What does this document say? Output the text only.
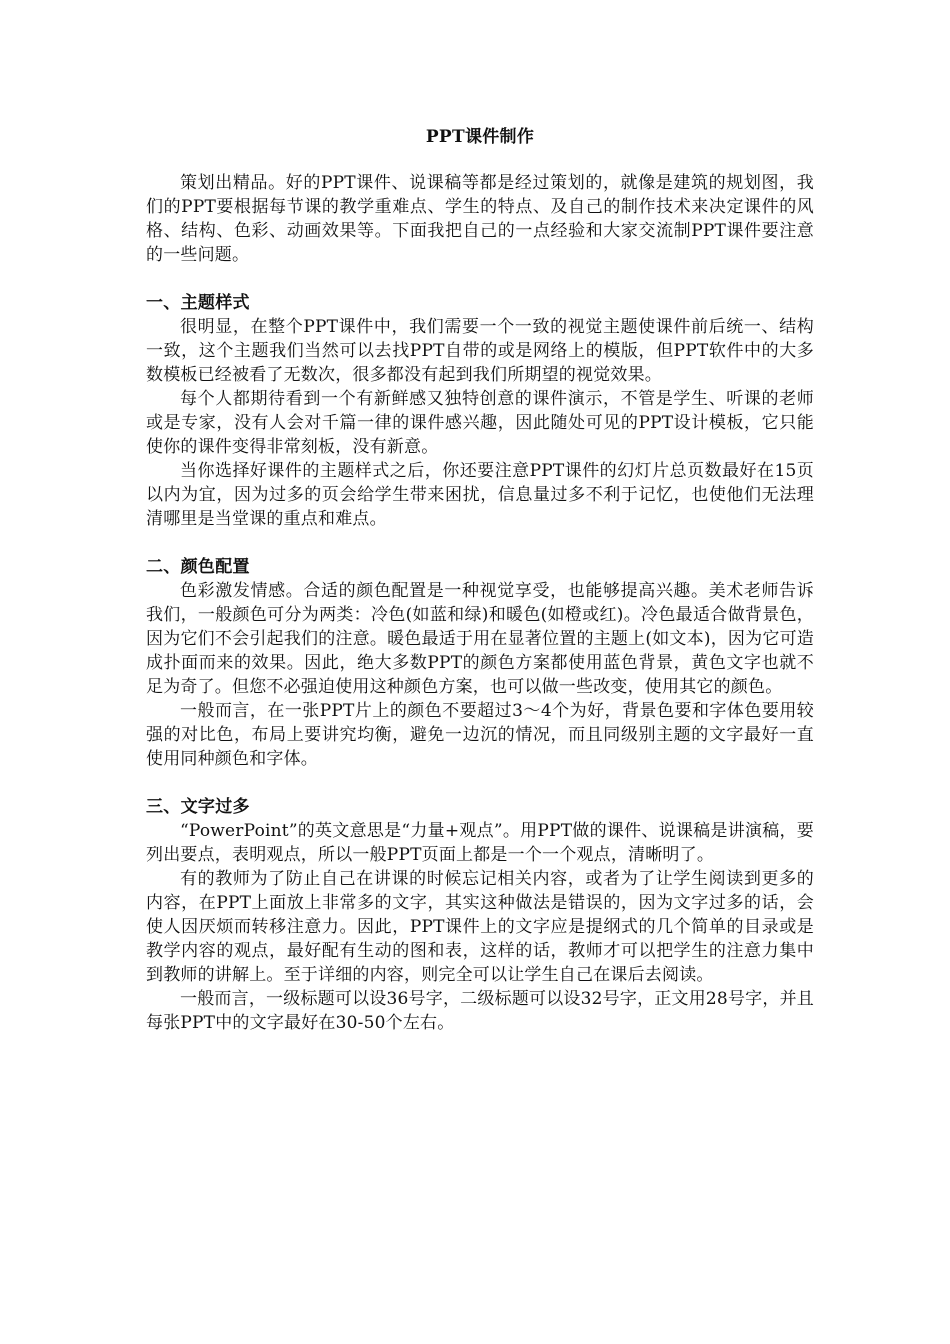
PPT课件制作

策划出精品。好的PPT课件、说课稿等都是经过策划的，就像是建筑的规划图，我们的PPT要根据每节课的教学重难点、学生的特点、及自己的制作技术来决定课件的风格、结构、色彩、动画效果等。下面我把自己的一点经验和大家交流制PPT课件要注意的一些问题。

一、主题样式

很明显，在整个PPT课件中，我们需要一个一致的视觉主题使课件前后统一、结构一致，这个主题我们当然可以去找PPT自带的或是网络上的模版，但PPT软件中的大多数模板已经被看了无数次，很多都没有起到我们所期望的视觉效果。

每个人都期待看到一个有新鲜感又独特创意的课件演示，不管是学生、听课的老师或是专家，没有人会对千篇一律的课件感兴趣，因此随处可见的PPT设计模板，它只能使你的课件变得非常刻板，没有新意。

当你选择好课件的主题样式之后，你还要注意PPT课件的幻灯片总页数最好在15页以内为宜，因为过多的页会给学生带来困扰，信息量过多不利于记忆，也使他们无法理清哪里是当堂课的重点和难点。

二、颜色配置

色彩激发情感。合适的颜色配置是一种视觉享受，也能够提高兴趣。美术老师告诉我们，一般颜色可分为两类：冷色(如蓝和绿)和暖色(如橙或红)。冷色最适合做背景色，因为它们不会引起我们的注意。暖色最适于用在显著位置的主题上(如文本)，因为它可造成扑面而来的效果。因此，绝大多数PPT的颜色方案都使用蓝色背景，黄色文字也就不足为奇了。但您不必强迫使用这种颜色方案，也可以做一些改变，使用其它的颜色。

一般而言，在一张PPT片上的颜色不要超过3～4个为好，背景色要和字体色要用较强的对比色，布局上要讲究均衡，避免一边沉的情况，而且同级别主题的文字最好一直使用同种颜色和字体。

三、文字过多

“PowerPoint”的英文意思是“力量+观点”。用PPT做的课件、说课稿是讲演稿，要列出要点，表明观点，所以一般PPT页面上都是一个一个观点，清晰明了。

有的教师为了防止自己在讲课的时候忘记相关内容，或者为了让学生阅读到更多的内容，在PPT上面放上非常多的文字，其实这种做法是错误的，因为文字过多的话，会使人因厌烦而转移注意力。因此，PPT课件上的文字应是提纲式的几个简单的目录或是教学内容的观点，最好配有生动的图和表，这样的话，教师才可以把学生的注意力集中到教师的讲解上。至于详细的内容，则完全可以让学生自己在课后去阅读。

一般而言，一级标题可以设36号字，二级标题可以设32号字，正文用28号字，并且每张PPT中的文字最好在30-50个左右。
